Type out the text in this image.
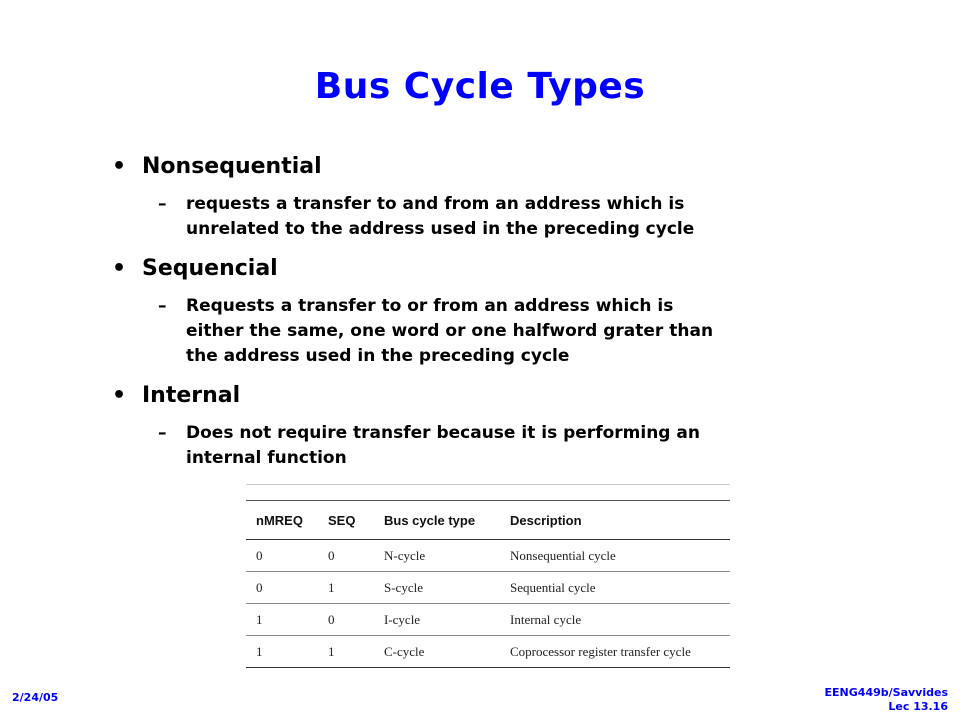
Bus Cycle Types
• Nonsequential
– requests a transfer to and from an address which is
unrelated to the address used in the preceding cycle
• Sequencial
– Requests a transfer to or from an address which is
either the same, one word or one halfword grater than
the address used in the preceding cycle
• Internal
– Does not require transfer because it is performing an
internal function
nMREQ	SEQ	Bus cycle type	Description
0	0	N-cycle	Nonsequential cycle
0	1	S-cycle	Sequential cycle
1	0	I-cycle	Internal cycle
1	1	C-cycle	Coprocessor register transfer cycle
2/24/05	EENG449b/Savvides
Lec 13.16
